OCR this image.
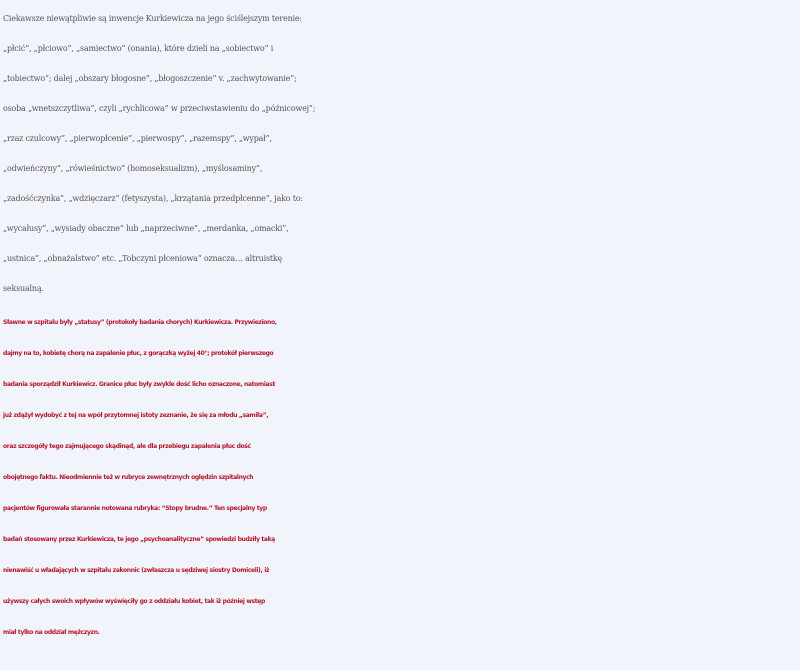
Ciekawsze niewątpliwie są inwencje Kurkiewicza na jego ściślejszym terenie:
„płcić”, „płciowo”, „samiectwo” (onania), które dzieli na „sobiectwo” i
„tobiectwo”; dalej „obszary błogosne”, „błogoszczenie” v. „zachwytowanie”;
osoba „wnetszczytliwa”, czyli „rychlicowa” w przeciwstawieniu do „późnicowej”;
„rzaz czulcowy”, „pierwopłcenie”, „pierwospy”, „razemspy”, „wypał”,
„odwieńczyny”, „rówieśnictwo” (homoseksualizm), „myślosaminy”,
„zadośćczynka”, „wdzięczarz” (fetyszysta), „krzątania przedpłcenne”, jako to:
„wycałusy”, „wysiady obaczne” lub „naprzeciwne”, „merdanka, „omacki”,
„ustnica”, „obnażalstwo” etc. „Tobczyni płceniowa” oznacza… altruistkę
seksualną.

Sławne w szpitalu były „statusy” (protokoły badania chorych) Kurkiewicza. Przywieziono,
dajmy na to, kobietę chorą na zapalenie płuc, z gorączką wyżej 40°; protokół pierwszego
badania sporządził Kurkiewicz. Granice płuc były zwykle dość licho oznaczone, natomiast
już zdążył wydobyć z tej na wpół przytomnej istoty zeznanie, że się za młodu „samiła”,
oraz szczegóły tego zajmującego skądinąd, ale dla przebiegu zapalenia płuc dość
obojętnego faktu. Nieodmiennie też w rubryce zewnętrznych oględzin szpitalnych
pacjentów figurowała starannie notowana rubryka: “Stopy brudne.” Ten specjalny typ
badań stosowany przez Kurkiewicza, te jego „psychoanalityczne” spowiedzi budziły taką
nienawiść u władających w szpitalu zakonnic (zwłaszcza u sędziwej siostry Domiceli), iż
używszy całych swoich wpływów wyświęciły go z oddziału kobiet, tak iż później wstęp
miał tylko na oddział mężczyzn.
